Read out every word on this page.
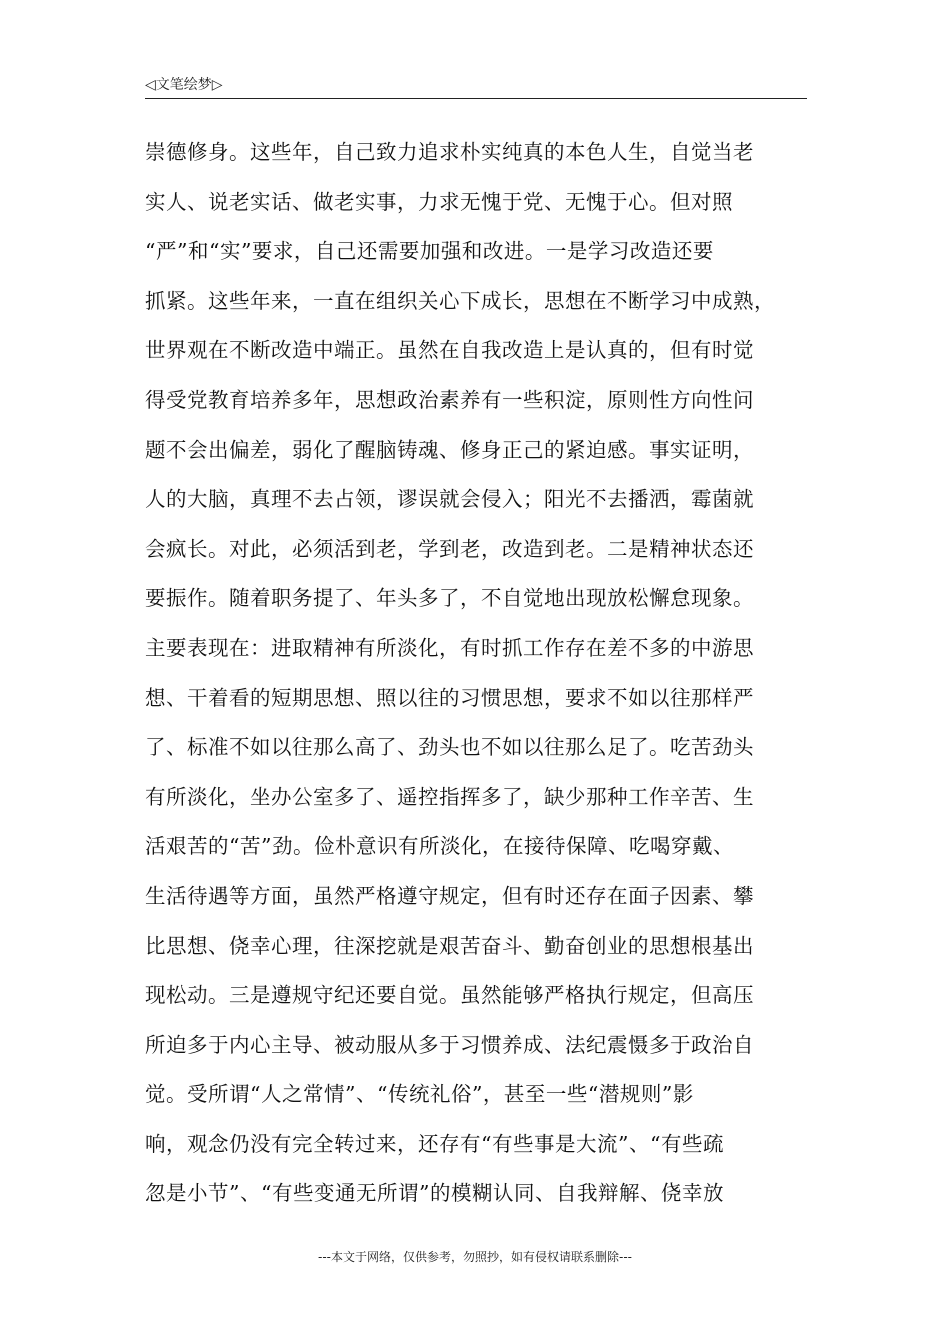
◁文笔绘梦▷
崇德修身。这些年，自己致力追求朴实纯真的本色人生，自觉当老
实人、说老实话、做老实事，力求无愧于党、无愧于心。但对照
“严”和“实”要求，自己还需要加强和改进。一是学习改造还要
抓紧。这些年来，一直在组织关心下成长，思想在不断学习中成熟，
世界观在不断改造中端正。虽然在自我改造上是认真的，但有时觉
得受党教育培养多年，思想政治素养有一些积淀，原则性方向性问
题不会出偏差，弱化了醒脑铸魂、修身正己的紧迫感。事实证明，
人的大脑，真理不去占领，谬误就会侵入；阳光不去播洒，霉菌就
会疯长。对此，必须活到老，学到老，改造到老。二是精神状态还
要振作。随着职务提了、年头多了，不自觉地出现放松懈怠现象。
主要表现在：进取精神有所淡化，有时抓工作存在差不多的中游思
想、干着看的短期思想、照以往的习惯思想，要求不如以往那样严
了、标准不如以往那么高了、劲头也不如以往那么足了。吃苦劲头
有所淡化，坐办公室多了、遥控指挥多了，缺少那种工作辛苦、生
活艰苦的“苦”劲。俭朴意识有所淡化，在接待保障、吃喝穿戴、
生活待遇等方面，虽然严格遵守规定，但有时还存在面子因素、攀
比思想、侥幸心理，往深挖就是艰苦奋斗、勤奋创业的思想根基出
现松动。三是遵规守纪还要自觉。虽然能够严格执行规定，但高压
所迫多于内心主导、被动服从多于习惯养成、法纪震慑多于政治自
觉。受所谓“人之常情”、“传统礼俗”，甚至一些“潜规则”影
响，观念仍没有完全转过来，还存有“有些事是大流”、“有些疏
忽是小节”、“有些变通无所谓”的模糊认同、自我辩解、侥幸放
---本文于网络，仅供参考，勿照抄，如有侵权请联系删除---
